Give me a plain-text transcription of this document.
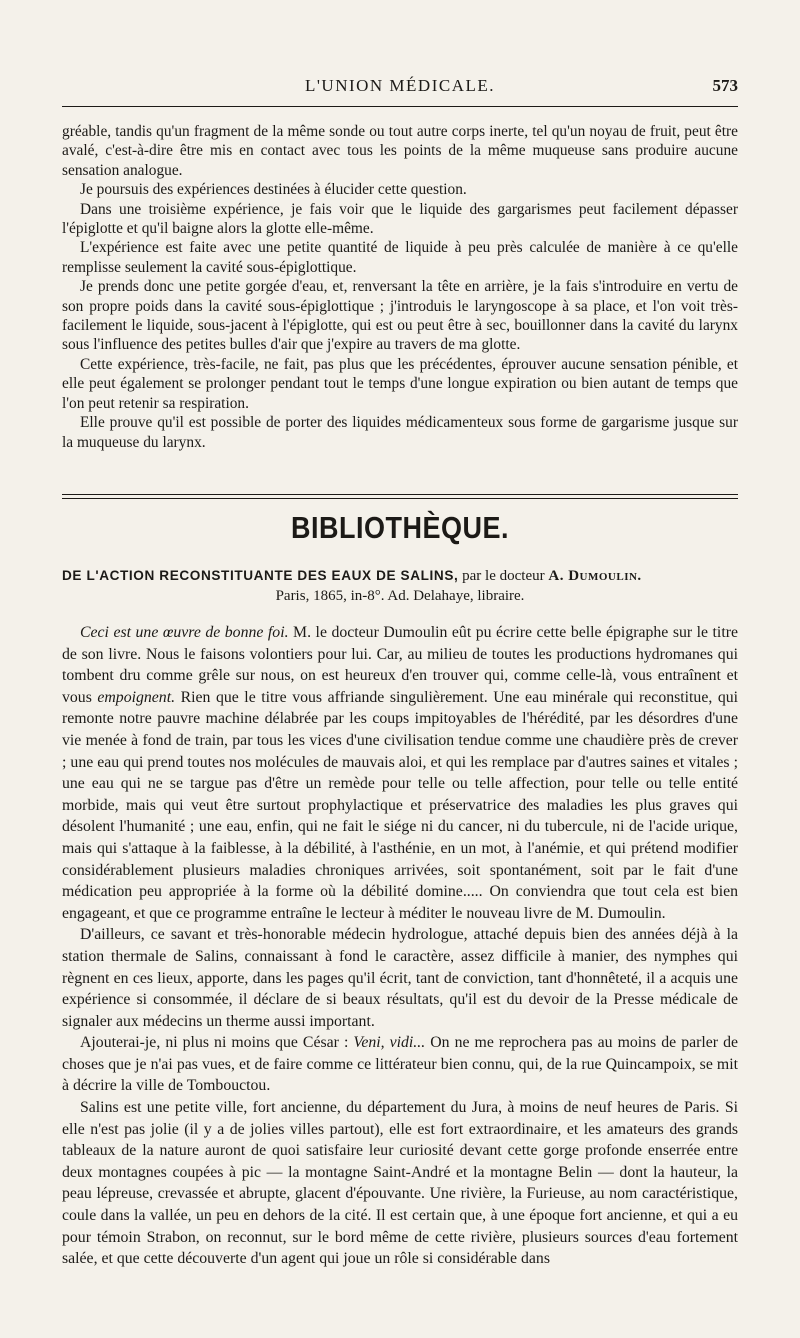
L'UNION MÉDICALE.	573

gréable, tandis qu'un fragment de la même sonde ou tout autre corps inerte, tel qu'un noyau de fruit, peut être avalé, c'est-à-dire être mis en contact avec tous les points de la même muqueuse sans produire aucune sensation analogue.

Je poursuis des expériences destinées à élucider cette question.

Dans une troisième expérience, je fais voir que le liquide des gargarismes peut facilement dépasser l'épiglotte et qu'il baigne alors la glotte elle-même.

L'expérience est faite avec une petite quantité de liquide à peu près calculée de manière à ce qu'elle remplisse seulement la cavité sous-épiglottique.

Je prends donc une petite gorgée d'eau, et, renversant la tête en arrière, je la fais s'introduire en vertu de son propre poids dans la cavité sous-épiglottique ; j'introduis le laryngoscope à sa place, et l'on voit très-facilement le liquide, sous-jacent à l'épiglotte, qui est ou peut être à sec, bouillonner dans la cavité du larynx sous l'influence des petites bulles d'air que j'expire au travers de ma glotte.

Cette expérience, très-facile, ne fait, pas plus que les précédentes, éprouver aucune sensation pénible, et elle peut également se prolonger pendant tout le temps d'une longue expiration ou bien autant de temps que l'on peut retenir sa respiration.

Elle prouve qu'il est possible de porter des liquides médicamenteux sous forme de gargarisme jusque sur la muqueuse du larynx.

BIBLIOTHÈQUE.
DE L'ACTION RECONSTITUANTE DES EAUX DE SALINS, par le docteur A. Dumoulin.
Paris, 1865, in-8°. Ad. Delahaye, libraire.

Ceci est une œuvre de bonne foi. M. le docteur Dumoulin eût pu écrire cette belle épigraphe sur le titre de son livre. Nous le faisons volontiers pour lui. Car, au milieu de toutes les productions hydromanes qui tombent dru comme grêle sur nous, on est heureux d'en trouver qui, comme celle-là, vous entraînent et vous empoignent. Rien que le titre vous affriande singulièrement. Une eau minérale qui reconstitue, qui remonte notre pauvre machine délabrée par les coups impitoyables de l'hérédité, par les désordres d'une vie menée à fond de train, par tous les vices d'une civilisation tendue comme une chaudière près de crever ; une eau qui prend toutes nos molécules de mauvais aloi, et qui les remplace par d'autres saines et vitales ; une eau qui ne se targue pas d'être un remède pour telle ou telle affection, pour telle ou telle entité morbide, mais qui veut être surtout prophylactique et préservatrice des maladies les plus graves qui désolent l'humanité ; une eau, enfin, qui ne fait le siége ni du cancer, ni du tubercule, ni de l'acide urique, mais qui s'attaque à la faiblesse, à la débilité, à l'asthénie, en un mot, à l'anémie, et qui prétend modifier considérablement plusieurs maladies chroniques arrivées, soit spontanément, soit par le fait d'une médication peu appropriée à la forme où la débilité domine..... On conviendra que tout cela est bien engageant, et que ce programme entraîne le lecteur à méditer le nouveau livre de M. Dumoulin.

D'ailleurs, ce savant et très-honorable médecin hydrologue, attaché depuis bien des années déjà à la station thermale de Salins, connaissant à fond le caractère, assez difficile à manier, des nymphes qui règnent en ces lieux, apporte, dans les pages qu'il écrit, tant de conviction, tant d'honnêteté, il a acquis une expérience si consommée, il déclare de si beaux résultats, qu'il est du devoir de la Presse médicale de signaler aux médecins un therme aussi important.

Ajouterai-je, ni plus ni moins que César : Veni, vidi... On ne me reprochera pas au moins de parler de choses que je n'ai pas vues, et de faire comme ce littérateur bien connu, qui, de la rue Quincampoix, se mit à décrire la ville de Tombouctou.

Salins est une petite ville, fort ancienne, du département du Jura, à moins de neuf heures de Paris. Si elle n'est pas jolie (il y a de jolies villes partout), elle est fort extraordinaire, et les amateurs des grands tableaux de la nature auront de quoi satisfaire leur curiosité devant cette gorge profonde enserrée entre deux montagnes coupées à pic — la montagne Saint-André et la montagne Belin — dont la hauteur, la peau lépreuse, crevassée et abrupte, glacent d'épouvante. Une rivière, la Furieuse, au nom caractéristique, coule dans la vallée, un peu en dehors de la cité. Il est certain que, à une époque fort ancienne, et qui a eu pour témoin Strabon, on reconnut, sur le bord même de cette rivière, plusieurs sources d'eau fortement salée, et que cette découverte d'un agent qui joue un rôle si considérable dans
